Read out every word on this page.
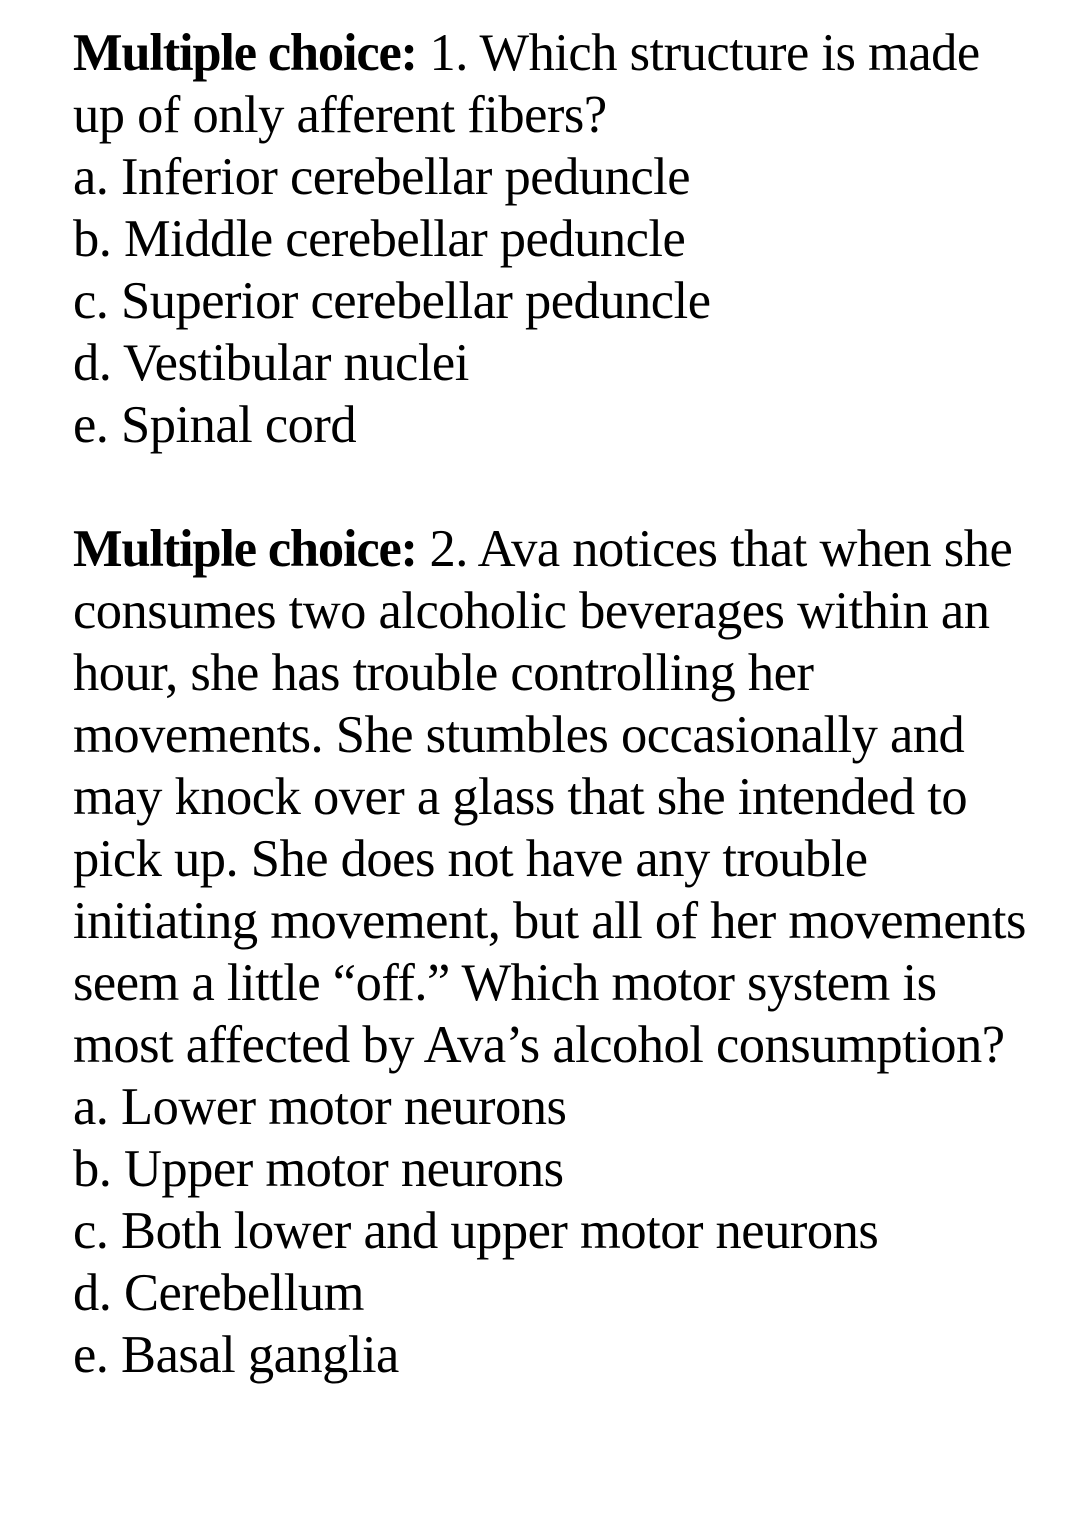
Multiple choice: 1. Which structure is made up of only afferent fibers?

a. Inferior cerebellar peduncle
b. Middle cerebellar peduncle
c. Superior cerebellar peduncle
d. Vestibular nuclei
e. Spinal cord

Multiple choice: 2. Ava notices that when she consumes two alcoholic beverages within an hour, she has trouble controlling her movements. She stumbles occasionally and may knock over a glass that she intended to pick up. She does not have any trouble initiating movement, but all of her movements seem a little “off.” Which motor system is most affected by Ava’s alcohol consumption?

a. Lower motor neurons
b. Upper motor neurons
c. Both lower and upper motor neurons
d. Cerebellum
e. Basal ganglia
